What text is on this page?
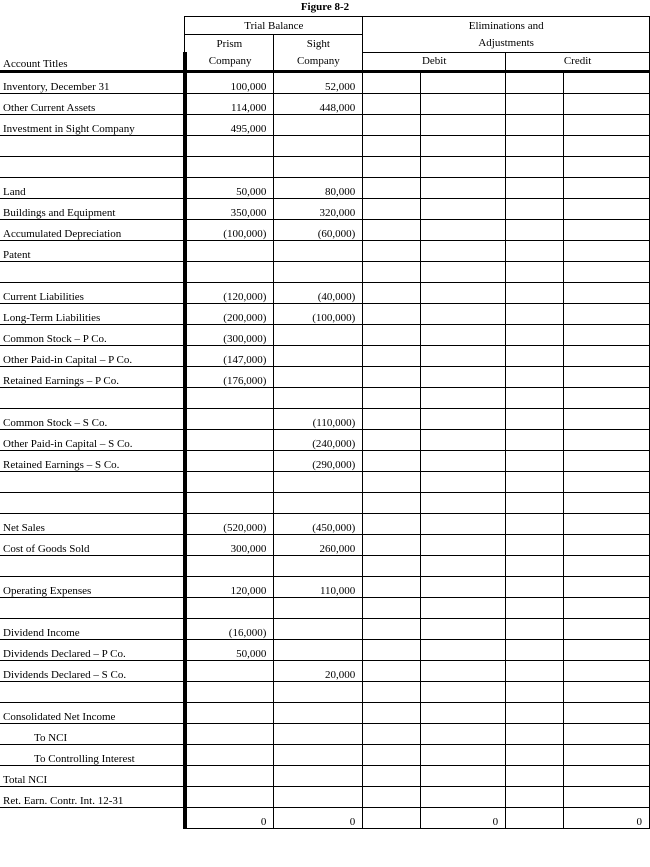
Figure 8-2
	Trial Balance		Eliminations and			
	Prism	Sight	Adjustments			
Account Titles	Company	Company	Debit		Credit	
Inventory, December 31	100,000	52,000				
Other Current Assets	114,000	448,000				
Investment in Sight Company	495,000					

Land	50,000	80,000				
Buildings and Equipment	350,000	320,000				
Accumulated Depreciation	(100,000)	(60,000)				
Patent						

Current Liabilities	(120,000)	(40,000)				
Long-Term Liabilities	(200,000)	(100,000)				
Common Stock – P Co.	(300,000)					
Other Paid-in Capital – P Co.	(147,000)					
Retained Earnings – P Co.	(176,000)					

Common Stock – S Co.		(110,000)				
Other Paid-in Capital – S Co.		(240,000)				
Retained Earnings – S Co.		(290,000)				

Net Sales	(520,000)	(450,000)				
Cost of Goods Sold	300,000	260,000				

Operating Expenses	120,000	110,000				

Dividend Income	(16,000)					
Dividends Declared – P Co.	50,000					
Dividends Declared – S Co.		20,000				

Consolidated Net Income						
To NCI						
To Controlling Interest						
Total NCI						
Ret. Earn. Contr. Int. 12-31						
	0	0		0		0
